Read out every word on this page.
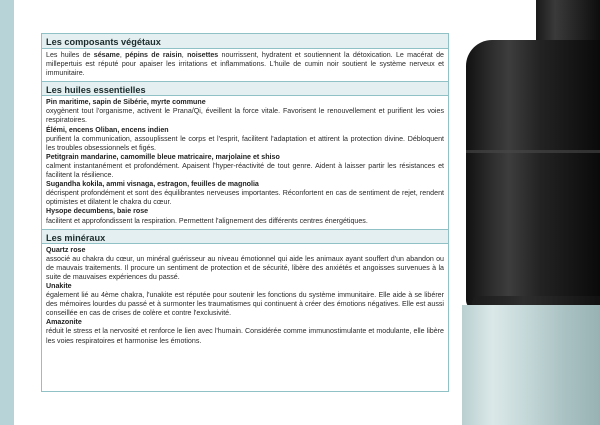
Les composants végétaux
Les huiles de sésame, pépins de raisin, noisettes nourrissent, hydratent et soutiennent la détoxication. Le macérat de millepertuis est réputé pour apaiser les irritations et inflammations. L'huile de cumin noir soutient le système nerveux et immunitaire.
Les huiles essentielles
Pin maritime, sapin de Sibérie, myrte commune
oxygènent tout l'organisme, activent le Prana/Qi, éveillent la force vitale. Favorisent le renouvellement et purifient les voies respiratoires.
Élémi, encens Oliban, encens indien
purifient la communication, assouplissent le corps et l'esprit, facilitent l'adaptation et attirent la protection divine. Débloquent les troubles obsessionnels et figés.
Petitgrain mandarine, camomille bleue matricaire, marjolaine et shiso
calment instantanément et profondément. Apaisent l'hyper-réactivité de tout genre. Aident à laisser partir les résistances et facilitent la résilience.
Sugandha kokila, ammi visnaga, estragon, feuilles de magnolia
décrispent profondément et sont des équilibrantes nerveuses importantes. Réconfortent en cas de sentiment de rejet, rendent optimistes et dilatent le chakra du cœur.
Hysope decumbens, baie rose
facilitent et approfondissent la respiration. Permettent l'alignement des différents centres énergétiques.
Les minéraux
Quartz rose
associé au chakra du cœur, un minéral guérisseur au niveau émotionnel qui aide les animaux ayant souffert d'un abandon ou de mauvais traitements. Il procure un sentiment de protection et de sécurité, libère des anxiétés et angoisses survenues à la suite de mauvaises expériences du passé.
Unakite
également lié au 4ème chakra, l'unakite est réputée pour soutenir les fonctions du système immunitaire. Elle aide à se libérer des mémoires lourdes du passé et à surmonter les traumatismes qui continuent à créer des émotions négatives. Elle est aussi conseillée en cas de crises de colère et contre l'exclusivité.
Amazonite
réduit le stress et la nervosité et renforce le lien avec l'humain. Considérée comme immunostimulante et modulante, elle libère les voies respiratoires et harmonise les émotions.
